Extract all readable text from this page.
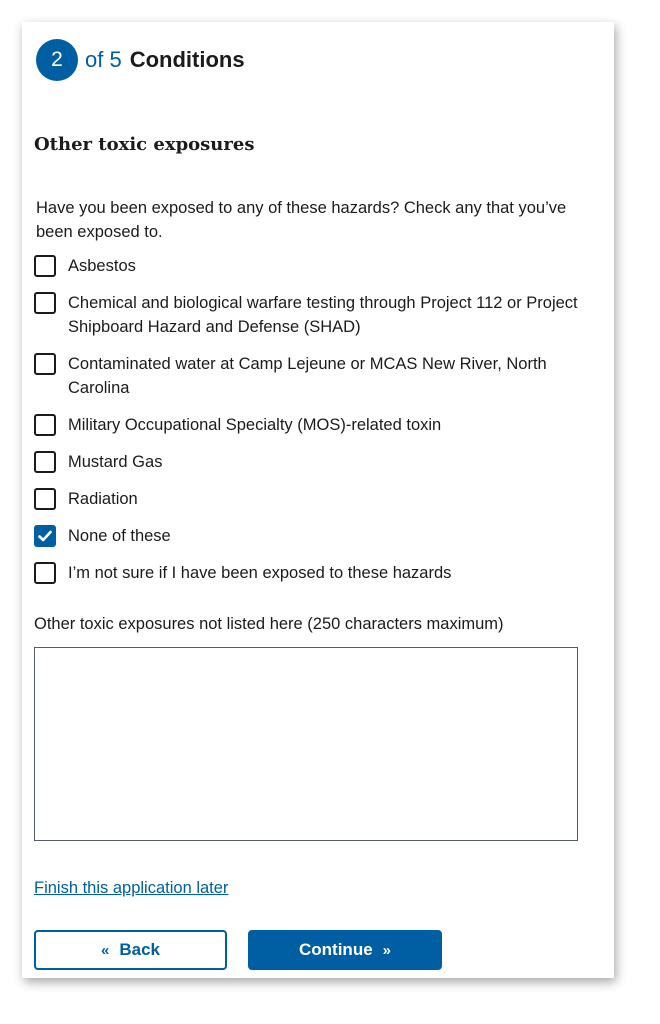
2	of 5 Conditions
Other toxic exposures
Have you been exposed to any of these hazards? Check any that you’ve been exposed to.
Asbestos
Chemical and biological warfare testing through Project 112 or Project Shipboard Hazard and Defense (SHAD)
Contaminated water at Camp Lejeune or MCAS New River, North Carolina
Military Occupational Specialty (MOS)-related toxin
Mustard Gas
Radiation
None of these
I’m not sure if I have been exposed to these hazards
Other toxic exposures not listed here (250 characters maximum)
Finish this application later
« Back	Continue »
